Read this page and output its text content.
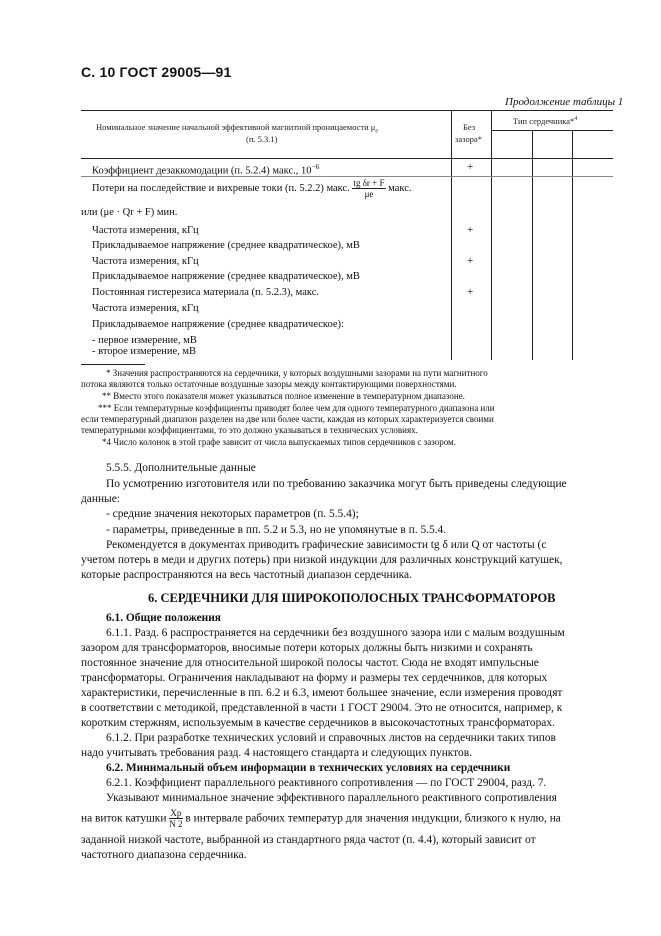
С. 10 ГОСТ 29005—91
Продолжение таблицы 1
Номинальное значение начальной эффективной магнитной проницаемости $\mu_e$
(п. 5.3.1)
Без
зазора*
Тип сердечника*$^4$
Коэффициент дезаккомодации (п. 5.2.4) макс., $10^{-6}$	+
Потери на последействие и вихревые токи (п. 5.2.2) макс. $\frac{\text{tg δr + F}}{\mu e}$ макс.
или (μe · Qr + F) мин.
Частота измерения, кГц	+
Прикладываемое напряжение (среднее квадратическое), мВ
Частота измерения, кГц	+
Прикладываемое напряжение (среднее квадратическое), мВ
Постоянная гистерезиса материала (п. 5.2.3), макс.	+
Частота измерения, кГц
Прикладываемое напряжение (среднее квадратическое):
- первое измерение, мВ
- второе измерение, мВ
* Значения распространяются на сердечники, у которых воздушными зазорами на пути магнитного
потока являются только остаточные воздушные зазоры между контактирующими поверхностями.
** Вместо этого показателя может указываться полное изменение в температурном диапазоне.
*** Если температурные коэффициенты приводят более чем для одного температурного диапазона или
если температурный диапазон разделен на две или более части, каждая из которых характеризуется своими
температурными коэффициентами, то это должно указываться в технических условиях.
*4 Число колонок в этой графе зависит от числа выпускаемых типов сердечников с зазором.
5.5.5. Дополнительные данные
По усмотрению изготовителя или по требованию заказчика могут быть приведены следующие
данные:
- средние значения некоторых параметров (п. 5.5.4);
- параметры, приведенные в пп. 5.2 и 5.3, но не упомянутые в п. 5.5.4.
Рекомендуется в документах приводить графические зависимости tg δ или Q от частоты (с
учетом потерь в меди и других потерь) при низкой индукции для различных конструкций катушек,
которые распространяются на весь частотный диапазон сердечника.
6. СЕРДЕЧНИКИ ДЛЯ ШИРОКОПОЛОСНЫХ ТРАНСФОРМАТОРОВ
6.1. Общие положения
6.1.1. Разд. 6 распространяется на сердечники без воздушного зазора или с малым воздушным
зазором для трансформаторов, вносимые потери которых должны быть низкими и сохранять
постоянное значение для относительной широкой полосы частот. Сюда не входят импульсные
трансформаторы. Ограничения накладывают на форму и размеры тех сердечников, для которых
характеристики, перечисленные в пп. 6.2 и 6.3, имеют большее значение, если измерения проводят
в соответствии с методикой, представленной в части 1 ГОСТ 29004. Это не относится, например, к
коротким стержням, используемым в качестве сердечников в высокочастотных трансформаторах.
6.1.2. При разработке технических условий и справочных листов на сердечники таких типов
надо учитывать требования разд. 4 настоящего стандарта и следующих пунктов.
6.2. Минимальный объем информации в технических условиях на сердечники
6.2.1. Коэффициент параллельного реактивного сопротивления — по ГОСТ 29004, разд. 7.
Указывают минимальное значение эффективного параллельного реактивного сопротивления
на виток катушки $\frac{Xp}{N 2}$ в интервале рабочих температур для значения индукции, близкого к нулю, на
заданной низкой частоте, выбранной из стандартного ряда частот (п. 4.4), который зависит от
частотного диапазона сердечника.
